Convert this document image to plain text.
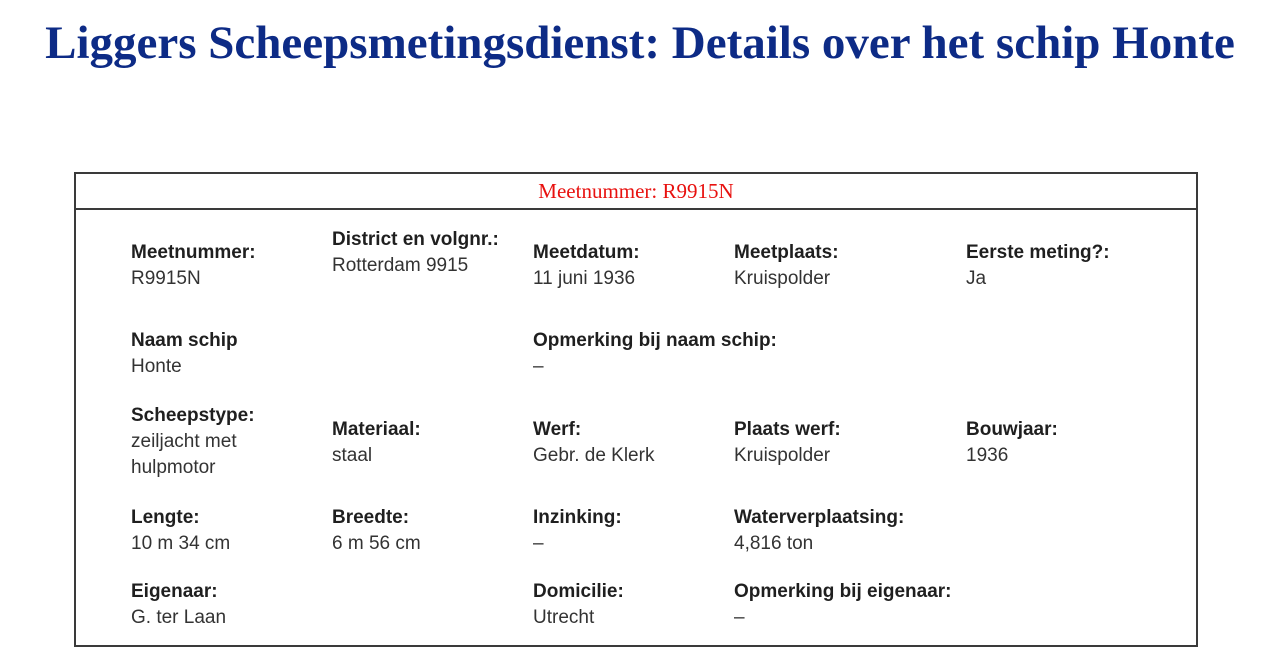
Liggers Scheepsmetingsdienst: Details over het schip Honte
Meetnummer: R9915N
Meetnummer:
R9915N
District en volgnr.:
Rotterdam 9915
Meetdatum:
11 juni 1936
Meetplaats:
Kruispolder
Eerste meting?:
Ja
Naam schip
Honte
Opmerking bij naam schip:
–
Scheepstype:
zeiljacht met hulpmotor
Materiaal:
staal
Werf:
Gebr. de Klerk
Plaats werf:
Kruispolder
Bouwjaar:
1936
Lengte:
10 m 34 cm
Breedte:
6 m 56 cm
Inzinking:
–
Waterverplaatsing:
4,816 ton
Eigenaar:
G. ter Laan
Domicilie:
Utrecht
Opmerking bij eigenaar:
–
